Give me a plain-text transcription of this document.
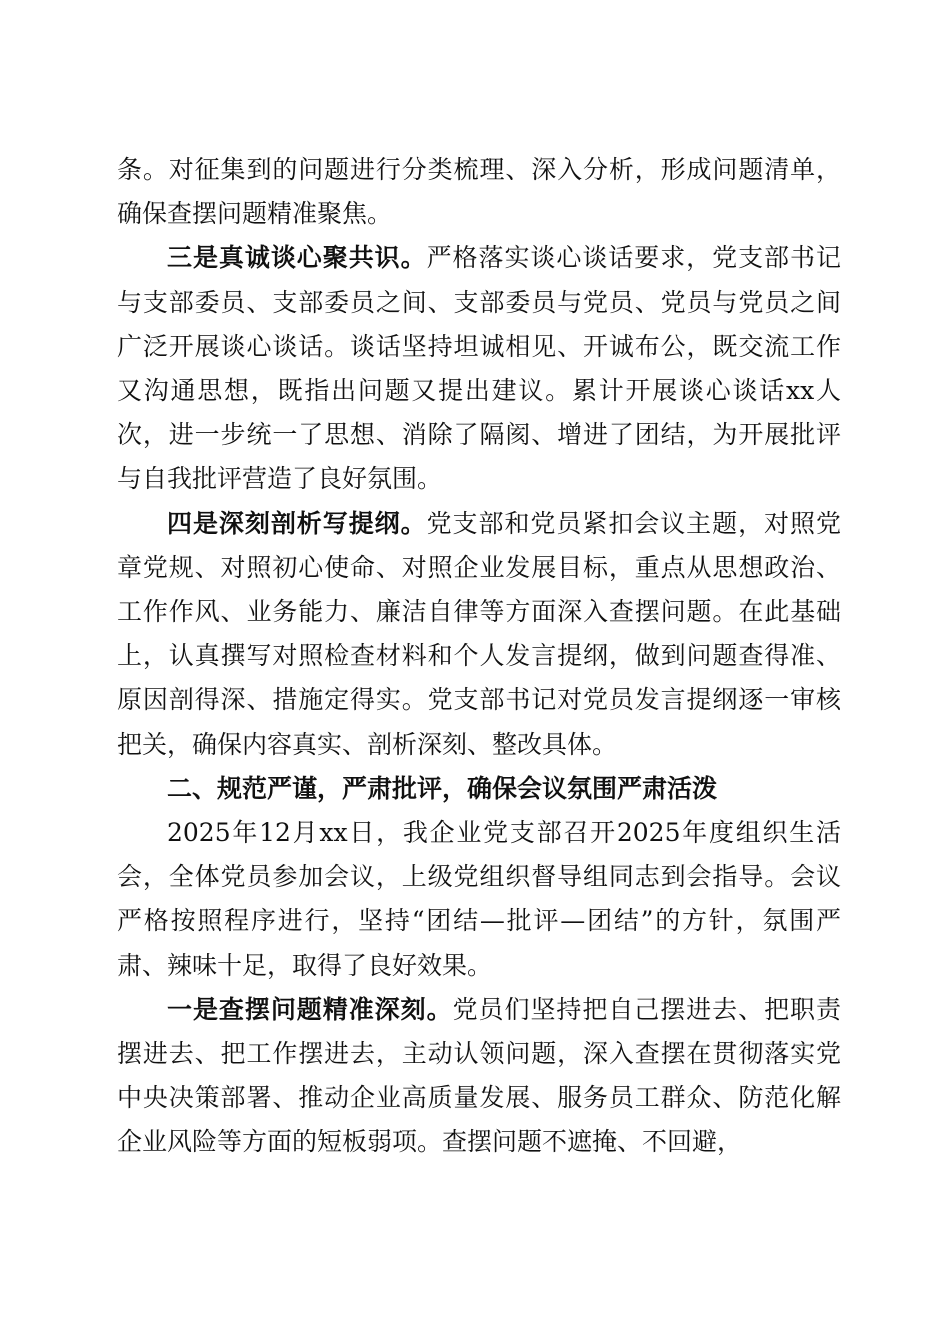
条。对征集到的问题进行分类梳理、深入分析，形成问题清单，确保查摆问题精准聚焦。

三是真诚谈心聚共识。严格落实谈心谈话要求，党支部书记与支部委员、支部委员之间、支部委员与党员、党员与党员之间广泛开展谈心谈话。谈话坚持坦诚相见、开诚布公，既交流工作又沟通思想，既指出问题又提出建议。累计开展谈心谈话xx人次，进一步统一了思想、消除了隔阂、增进了团结，为开展批评与自我批评营造了良好氛围。

四是深刻剖析写提纲。党支部和党员紧扣会议主题，对照党章党规、对照初心使命、对照企业发展目标，重点从思想政治、工作作风、业务能力、廉洁自律等方面深入查摆问题。在此基础上，认真撰写对照检查材料和个人发言提纲，做到问题查得准、原因剖得深、措施定得实。党支部书记对党员发言提纲逐一审核把关，确保内容真实、剖析深刻、整改具体。

二、规范严谨，严肃批评，确保会议氛围严肃活泼

2025年12月xx日，我企业党支部召开2025年度组织生活会，全体党员参加会议，上级党组织督导组同志到会指导。会议严格按照程序进行，坚持“团结—批评—团结”的方针，氛围严肃、辣味十足，取得了良好效果。

一是查摆问题精准深刻。党员们坚持把自己摆进去、把职责摆进去、把工作摆进去，主动认领问题，深入查摆在贯彻落实党中央决策部署、推动企业高质量发展、服务员工群众、防范化解企业风险等方面的短板弱项。查摆问题不遮掩、不回避，
